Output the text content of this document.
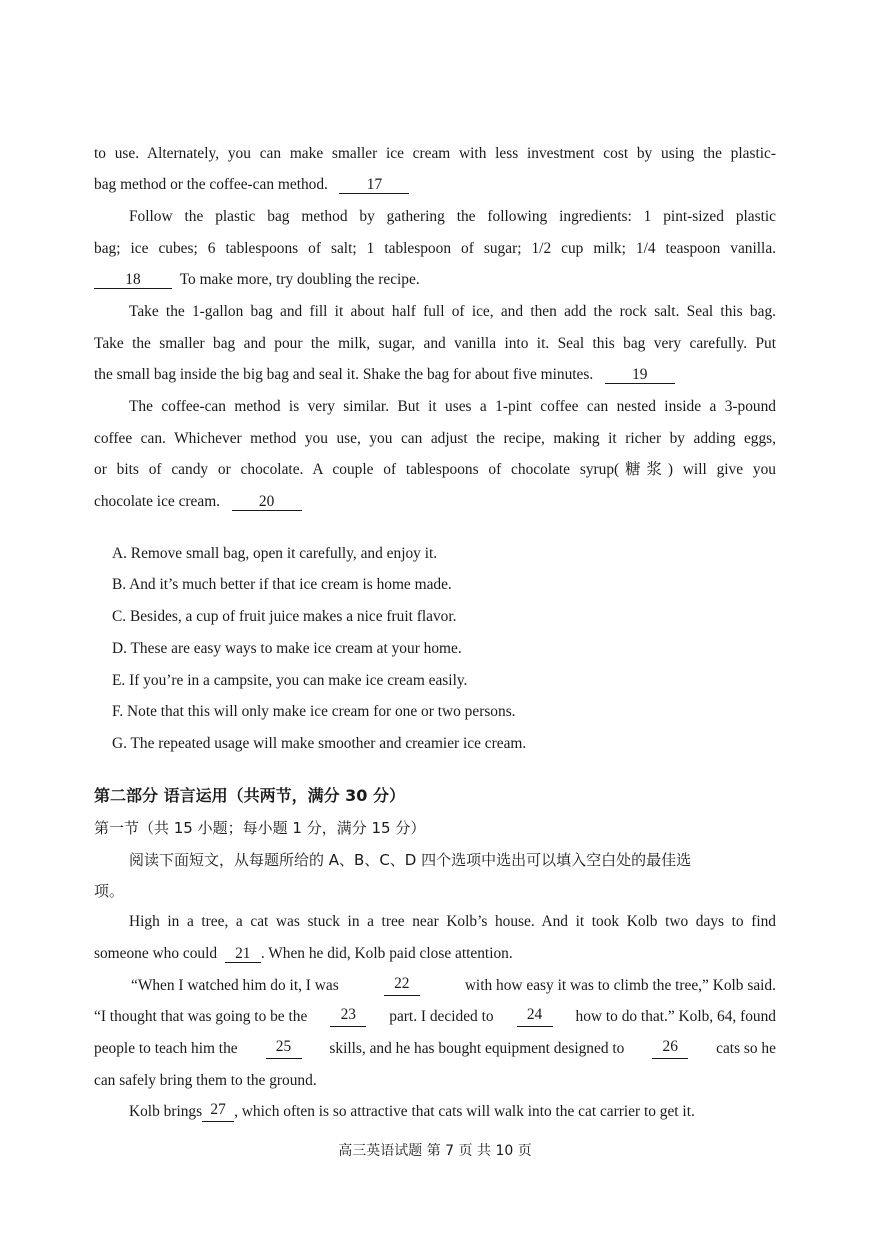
to use. Alternately, you can make smaller ice cream with less investment cost by using the plastic-
bag method or the coffee-can method.	17
Follow the plastic bag method by gathering the following ingredients: 1 pint-sized plastic
bag; ice cubes; 6 tablespoons of salt; 1 tablespoon of sugar; 1/2 cup milk; 1/4 teaspoon vanilla.
18	To make more, try doubling the recipe.
Take the 1-gallon bag and fill it about half full of ice, and then add the rock salt. Seal this bag.
Take the smaller bag and pour the milk, sugar, and vanilla into it. Seal this bag very carefully. Put
the small bag inside the big bag and seal it. Shake the bag for about five minutes.	19
The coffee-can method is very similar. But it uses a 1-pint coffee can nested inside a 3-pound
coffee can. Whichever method you use, you can adjust the recipe, making it richer by adding eggs,
or bits of candy or chocolate. A couple of tablespoons of chocolate syrup(糖浆) will give you
chocolate ice cream.	20
A. Remove small bag, open it carefully, and enjoy it.
B. And it’s much better if that ice cream is home made.
C. Besides, a cup of fruit juice makes a nice fruit flavor.
D. These are easy ways to make ice cream at your home.
E. If you’re in a campsite, you can make ice cream easily.
F. Note that this will only make ice cream for one or two persons.
G. The repeated usage will make smoother and creamier ice cream.
第二部分 语言运用（共两节，满分 30 分）
第一节（共 15 小题；每小题 1 分，满分 15 分）
阅读下面短文，从每题所给的 A、B、C、D 四个选项中选出可以填入空白处的最佳选
项。
High in a tree, a cat was stuck in a tree near Kolb’s house. And it took Kolb two days to find
someone who could 21 . When he did, Kolb paid close attention.
“When I watched him do it, I was	22	with how easy it was to climb the tree,” Kolb said.
“I thought that was going to be the	23	part. I decided to	24	how to do that.” Kolb, 64, found
people to teach him the	25	skills, and he has bought equipment designed to	26	cats so he
can safely bring them to the ground.
Kolb brings 27 , which often is so attractive that cats will walk into the cat carrier to get it.
高三英语试题 第 7 页 共 10 页
